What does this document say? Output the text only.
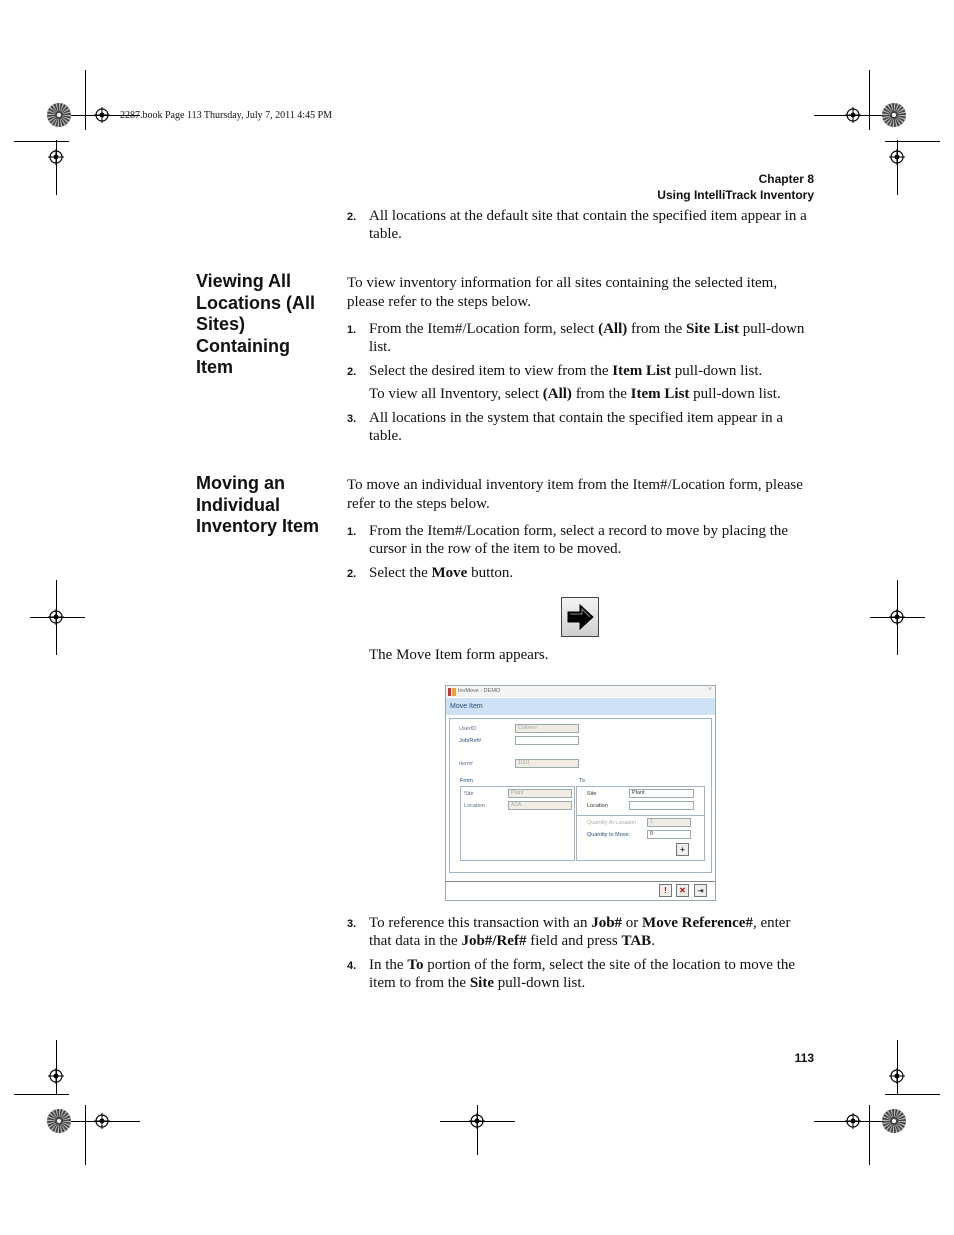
2287.book Page 113 Thursday, July 7, 2011 4:45 PM
Chapter 8
Using IntelliTrack Inventory
2. All locations at the default site that contain the specified item appear in a table.
Viewing All
Locations (All
Sites)
Containing
Item
To view inventory information for all sites containing the selected item, please refer to the steps below.
1. From the Item#/Location form, select (All) from the Site List pull-down list.
2. Select the desired item to view from the Item List pull-down list.
To view all Inventory, select (All) from the Item List pull-down list.
3. All locations in the system that contain the specified item appear in a table.
Moving an
Individual
Inventory Item
To move an individual inventory item from the Item#/Location form, please refer to the steps below.
1. From the Item#/Location form, select a record to move by placing the cursor in the row of the item to be moved.
2. Select the Move button.
The Move Item form appears.
InvMove - DEMO	×
Move Item
UserID	Colleen
Job/Ref#
Item#	1001
From	To
Site	Plant
Location	A1A
Site	Plant
Location
Quantity At Location	1
Quantity to Move:	0
+
!	✕	⇥
3. To reference this transaction with an Job# or Move Reference#, enter that data in the Job#/Ref# field and press TAB.
4. In the To portion of the form, select the site of the location to move the item to from the Site pull-down list.
113
